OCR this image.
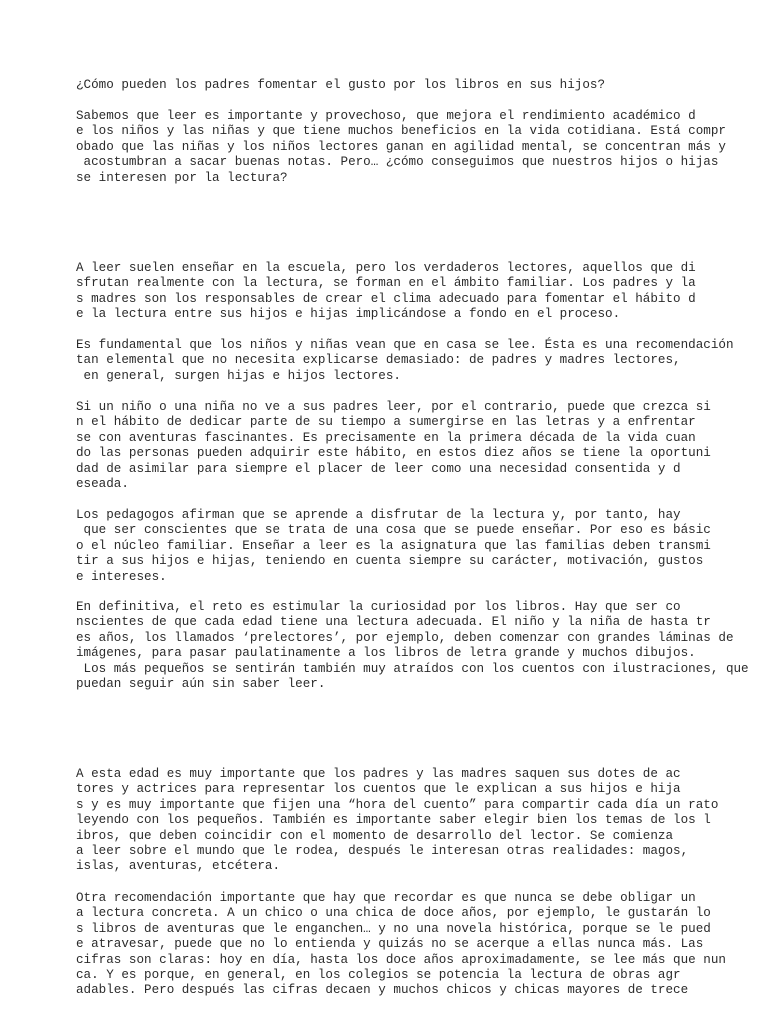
¿Cómo pueden los padres fomentar el gusto por los libros en sus hijos?

Sabemos que leer es importante y provechoso, que mejora el rendimiento académico d
e los niños y las niñas y que tiene muchos beneficios en la vida cotidiana. Está compr
obado que las niñas y los niños lectores ganan en agilidad mental, se concentran más y
acostumbran a sacar buenas notas. Pero… ¿cómo conseguimos que nuestros hijos o hijas
se interesen por la lectura?

A leer suelen enseñar en la escuela, pero los verdaderos lectores, aquellos que di
sfrutan realmente con la lectura, se forman en el ámbito familiar. Los padres y la
s madres son los responsables de crear el clima adecuado para fomentar el hábito d
e la lectura entre sus hijos e hijas implicándose a fondo en el proceso.

Es fundamental que los niños y niñas vean que en casa se lee. Ésta es una recomendación
tan elemental que no necesita explicarse demasiado: de padres y madres lectores,
en general, surgen hijas e hijos lectores.

Si un niño o una niña no ve a sus padres leer, por el contrario, puede que crezca si
n el hábito de dedicar parte de su tiempo a sumergirse en las letras y a enfrentar
se con aventuras fascinantes. Es precisamente en la primera década de la vida cuan
do las personas pueden adquirir este hábito, en estos diez años se tiene la oportuni
dad de asimilar para siempre el placer de leer como una necesidad consentida y d
eseada.

Los pedagogos afirman que se aprende a disfrutar de la lectura y, por tanto, hay
que ser conscientes que se trata de una cosa que se puede enseñar. Por eso es básic
o el núcleo familiar. Enseñar a leer es la asignatura que las familias deben transmi
tir a sus hijos e hijas, teniendo en cuenta siempre su carácter, motivación, gustos
e intereses.

En definitiva, el reto es estimular la curiosidad por los libros. Hay que ser co
nscientes de que cada edad tiene una lectura adecuada. El niño y la niña de hasta tr
es años, los llamados ‘prelectores’, por ejemplo, deben comenzar con grandes láminas de
imágenes, para pasar paulatinamente a los libros de letra grande y muchos dibujos.
Los más pequeños se sentirán también muy atraídos con los cuentos con ilustraciones, que
puedan seguir aún sin saber leer.

A esta edad es muy importante que los padres y las madres saquen sus dotes de ac
tores y actrices para representar los cuentos que le explican a sus hijos e hija
s y es muy importante que fijen una “hora del cuento” para compartir cada día un rato
leyendo con los pequeños. También es importante saber elegir bien los temas de los l
ibros, que deben coincidir con el momento de desarrollo del lector. Se comienza
a leer sobre el mundo que le rodea, después le interesan otras realidades: magos,
islas, aventuras, etcétera.

Otra recomendación importante que hay que recordar es que nunca se debe obligar un
a lectura concreta. A un chico o una chica de doce años, por ejemplo, le gustarán lo
s libros de aventuras que le enganchen… y no una novela histórica, porque se le pued
e atravesar, puede que no lo entienda y quizás no se acerque a ellas nunca más. Las
cifras son claras: hoy en día, hasta los doce años aproximadamente, se lee más que nun
ca. Y es porque, en general, en los colegios se potencia la lectura de obras agr
adables. Pero después las cifras decaen y muchos chicos y chicas mayores de trece
